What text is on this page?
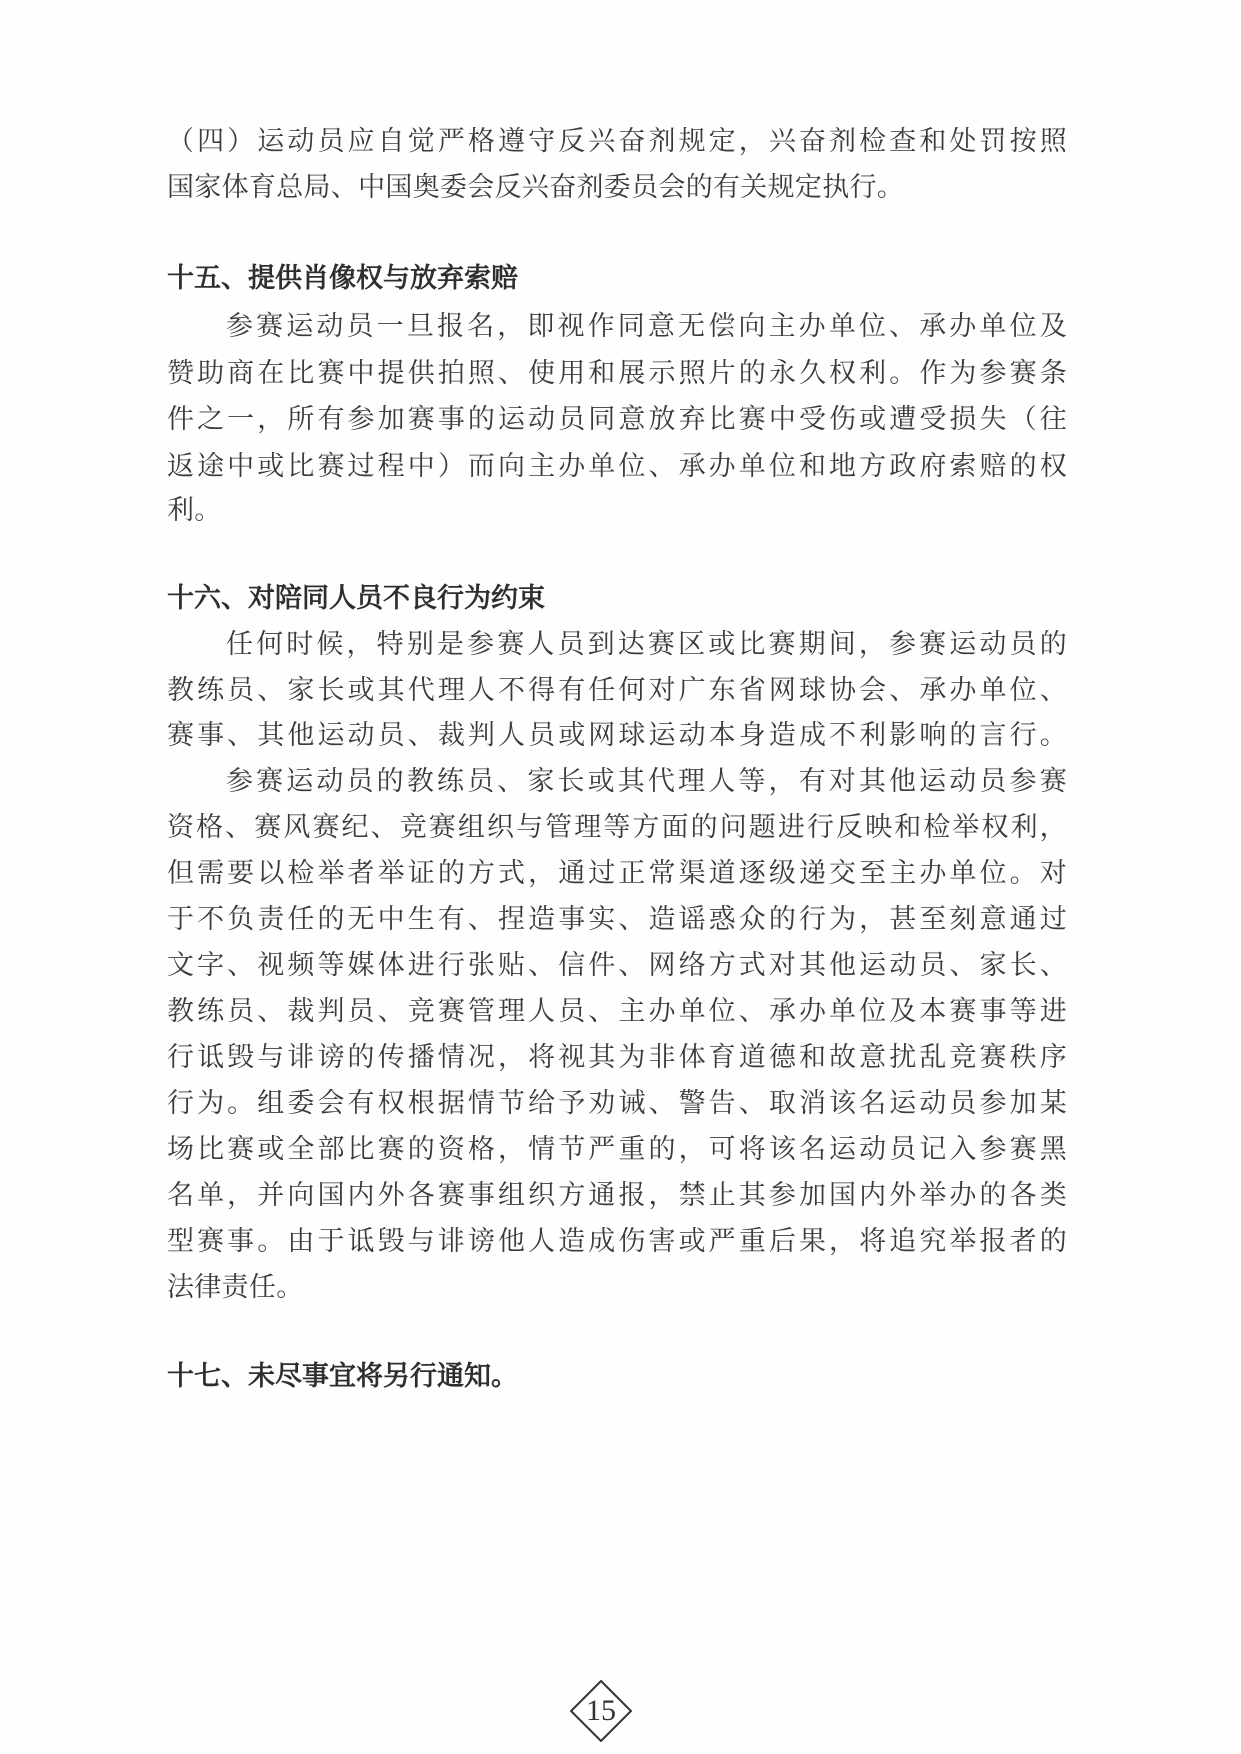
（四）运动员应自觉严格遵守反兴奋剂规定，兴奋剂检查和处罚按照
国家体育总局、中国奥委会反兴奋剂委员会的有关规定执行。
十五、提供肖像权与放弃索赔
参赛运动员一旦报名，即视作同意无偿向主办单位、承办单位及
赞助商在比赛中提供拍照、使用和展示照片的永久权利。作为参赛条
件之一，所有参加赛事的运动员同意放弃比赛中受伤或遭受损失（往
返途中或比赛过程中）而向主办单位、承办单位和地方政府索赔的权
利。
十六、对陪同人员不良行为约束
任何时候，特别是参赛人员到达赛区或比赛期间，参赛运动员的
教练员、家长或其代理人不得有任何对广东省网球协会、承办单位、
赛事、其他运动员、裁判人员或网球运动本身造成不利影响的言行。
参赛运动员的教练员、家长或其代理人等，有对其他运动员参赛
资格、赛风赛纪、竞赛组织与管理等方面的问题进行反映和检举权利，
但需要以检举者举证的方式，通过正常渠道逐级递交至主办单位。对
于不负责任的无中生有、捏造事实、造谣惑众的行为，甚至刻意通过
文字、视频等媒体进行张贴、信件、网络方式对其他运动员、家长、
教练员、裁判员、竞赛管理人员、主办单位、承办单位及本赛事等进
行诋毁与诽谤的传播情况，将视其为非体育道德和故意扰乱竞赛秩序
行为。组委会有权根据情节给予劝诫、警告、取消该名运动员参加某
场比赛或全部比赛的资格，情节严重的，可将该名运动员记入参赛黑
名单，并向国内外各赛事组织方通报，禁止其参加国内外举办的各类
型赛事。由于诋毁与诽谤他人造成伤害或严重后果，将追究举报者的
法律责任。
十七、未尽事宜将另行通知。
15
